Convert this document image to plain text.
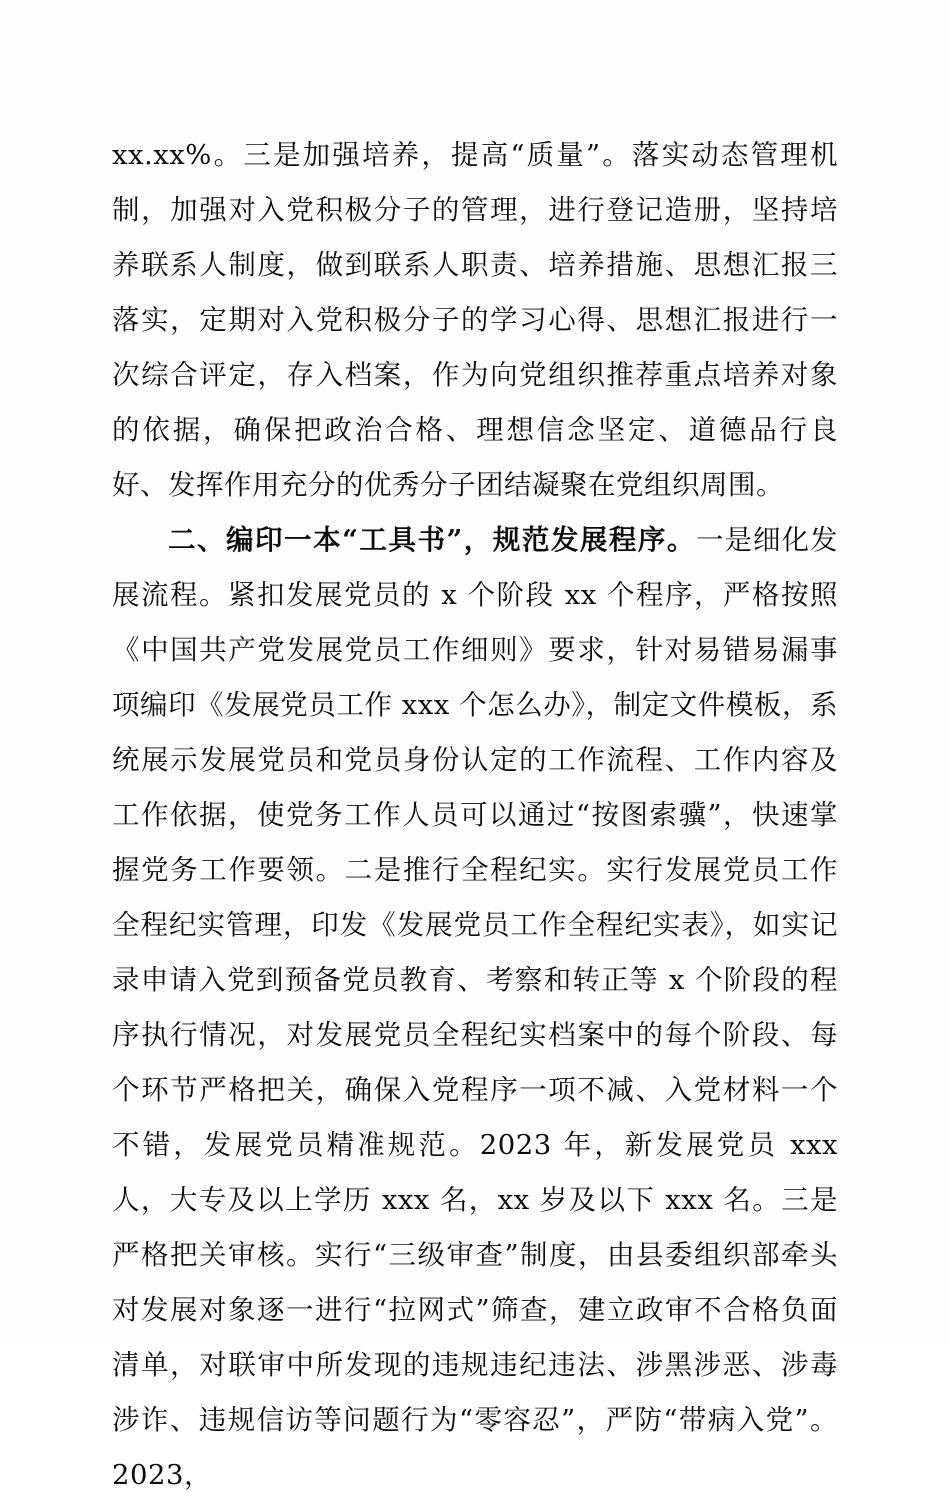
xx.xx%。三是加强培养，提高“质量”。落实动态管理机制，加强对入党积极分子的管理，进行登记造册，坚持培养联系人制度，做到联系人职责、培养措施、思想汇报三落实，定期对入党积极分子的学习心得、思想汇报进行一次综合评定，存入档案，作为向党组织推荐重点培养对象的依据，确保把政治合格、理想信念坚定、道德品行良好、发挥作用充分的优秀分子团结凝聚在党组织周围。

二、编印一本“工具书”，规范发展程序。一是细化发展流程。紧扣发展党员的 x 个阶段 xx 个程序，严格按照《中国共产党发展党员工作细则》要求，针对易错易漏事项编印《发展党员工作 xxx 个怎么办》，制定文件模板，系统展示发展党员和党员身份认定的工作流程、工作内容及工作依据，使党务工作人员可以通过“按图索骥”，快速掌握党务工作要领。二是推行全程纪实。实行发展党员工作全程纪实管理，印发《发展党员工作全程纪实表》，如实记录申请入党到预备党员教育、考察和转正等 x 个阶段的程序执行情况，对发展党员全程纪实档案中的每个阶段、每个环节严格把关，确保入党程序一项不减、入党材料一个不错，发展党员精准规范。2023 年，新发展党员 xxx 人，大专及以上学历 xxx 名，xx 岁及以下 xxx 名。三是严格把关审核。实行“三级审查”制度，由县委组织部牵头对发展对象逐一进行“拉网式”筛查，建立政审不合格负面清单，对联审中所发现的违规违纪违法、涉黑涉恶、涉毒涉诈、违规信访等问题行为“零容忍”，严防“带病入党”。2023，
